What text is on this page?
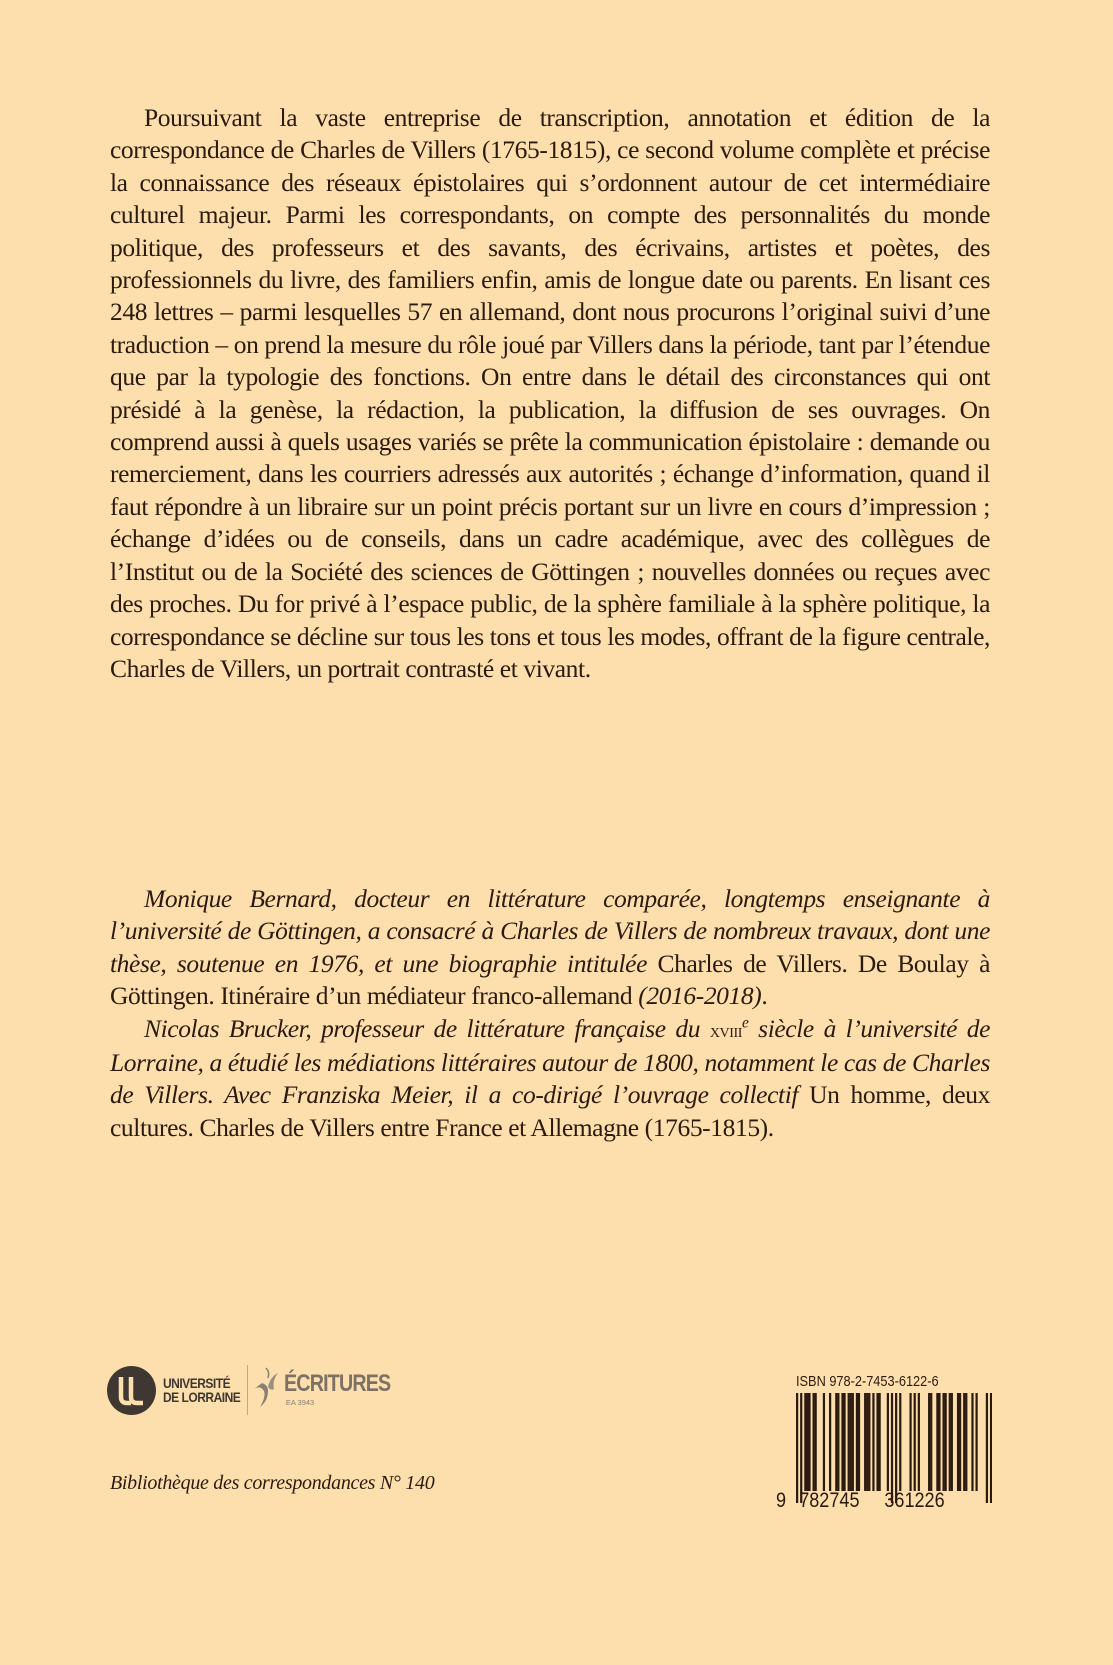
Poursuivant la vaste entreprise de transcription, annotation et édition de la correspondance de Charles de Villers (1765-1815), ce second volume complète et précise la connaissance des réseaux épistolaires qui s’ordonnent autour de cet intermédiaire culturel majeur. Parmi les correspondants, on compte des personnalités du monde politique, des professeurs et des savants, des écrivains, artistes et poètes, des professionnels du livre, des familiers enfin, amis de longue date ou parents. En lisant ces 248 lettres – parmi lesquelles 57 en allemand, dont nous procurons l’original suivi d’une traduction – on prend la mesure du rôle joué par Villers dans la période, tant par l’étendue que par la typologie des fonctions. On entre dans le détail des circonstances qui ont présidé à la genèse, la rédaction, la publication, la diffusion de ses ouvrages. On comprend aussi à quels usages variés se prête la communication épistolaire : demande ou remerciement, dans les courriers adressés aux autorités ; échange d’information, quand il faut répondre à un libraire sur un point précis portant sur un livre en cours d’impression ; échange d’idées ou de conseils, dans un cadre académique, avec des collègues de l’Institut ou de la Société des sciences de Göttingen ; nouvelles données ou reçues avec des proches. Du for privé à l’espace public, de la sphère familiale à la sphère politique, la correspondance se décline sur tous les tons et tous les modes, offrant de la figure centrale, Charles de Villers, un portrait contrasté et vivant.

Monique Bernard, docteur en littérature comparée, longtemps enseignante à l’université de Göttingen, a consacré à Charles de Villers de nombreux travaux, dont une thèse, soutenue en 1976, et une biographie intitulée Charles de Villers. De Boulay à Göttingen. Itinéraire d’un médiateur franco-allemand (2016-2018).

Nicolas Brucker, professeur de littérature française du xviii$^e$ siècle à l’université de Lorraine, a étudié les médiations littéraires autour de 1800, notamment le cas de Charles de Villers. Avec Franziska Meier, il a co-dirigé l’ouvrage collectif Un homme, deux cultures. Charles de Villers entre France et Allemagne (1765-1815).

UNIVERSITÉ
DE LORRAINE ÉCRITURES
EA 3943
Bibliothèque des correspondances N° 140
ISBN 978-2-7453-6122-6
9 782745 361226
